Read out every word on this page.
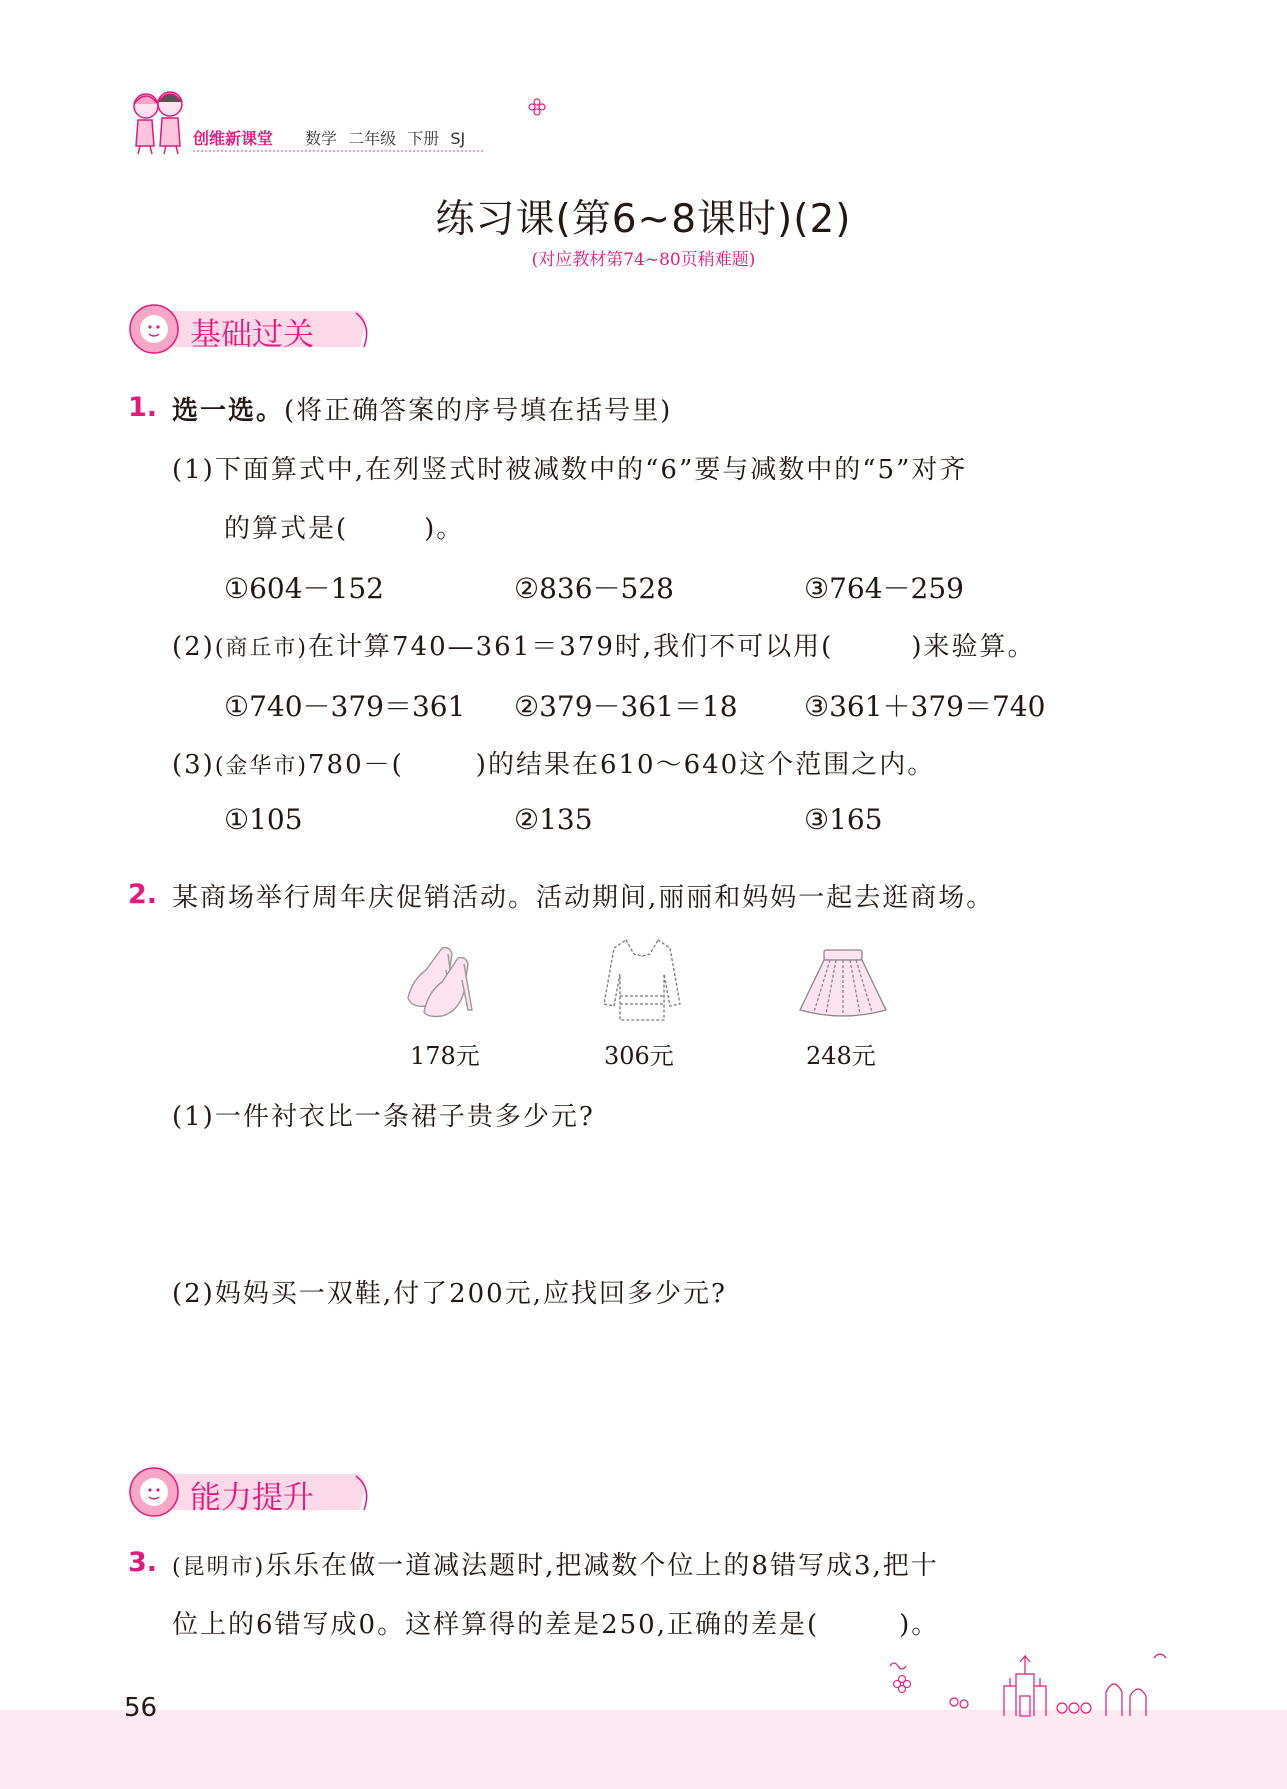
创维新课堂 数学 二年级 下册 SJ
练习课(第6~8课时)(2)
(对应教材第74~80页稍难题)
基础过关
1. 选一选。(将正确答案的序号填在括号里)
(1)下面算式中,在列竖式时被减数中的“6”要与减数中的“5”对齐
的算式是(	)。
①604－152	②836－528	③764－259
(2)(商丘市)在计算740—361＝379时,我们不可以用(	)来验算。
①740－379＝361 ②379－361＝18 ③361＋379＝740
(3)(金华市)780－(	)的结果在610～640这个范围之内。
①105	②135	③165
2. 某商场举行周年庆促销活动。活动期间,丽丽和妈妈一起去逛商场。
178元	306元	248元
(1)一件衬衣比一条裙子贵多少元?
(2)妈妈买一双鞋,付了200元,应找回多少元?
能力提升
3. (昆明市)乐乐在做一道减法题时,把减数个位上的8错写成3,把十
位上的6错写成0。这样算得的差是250,正确的差是(	)。
56
